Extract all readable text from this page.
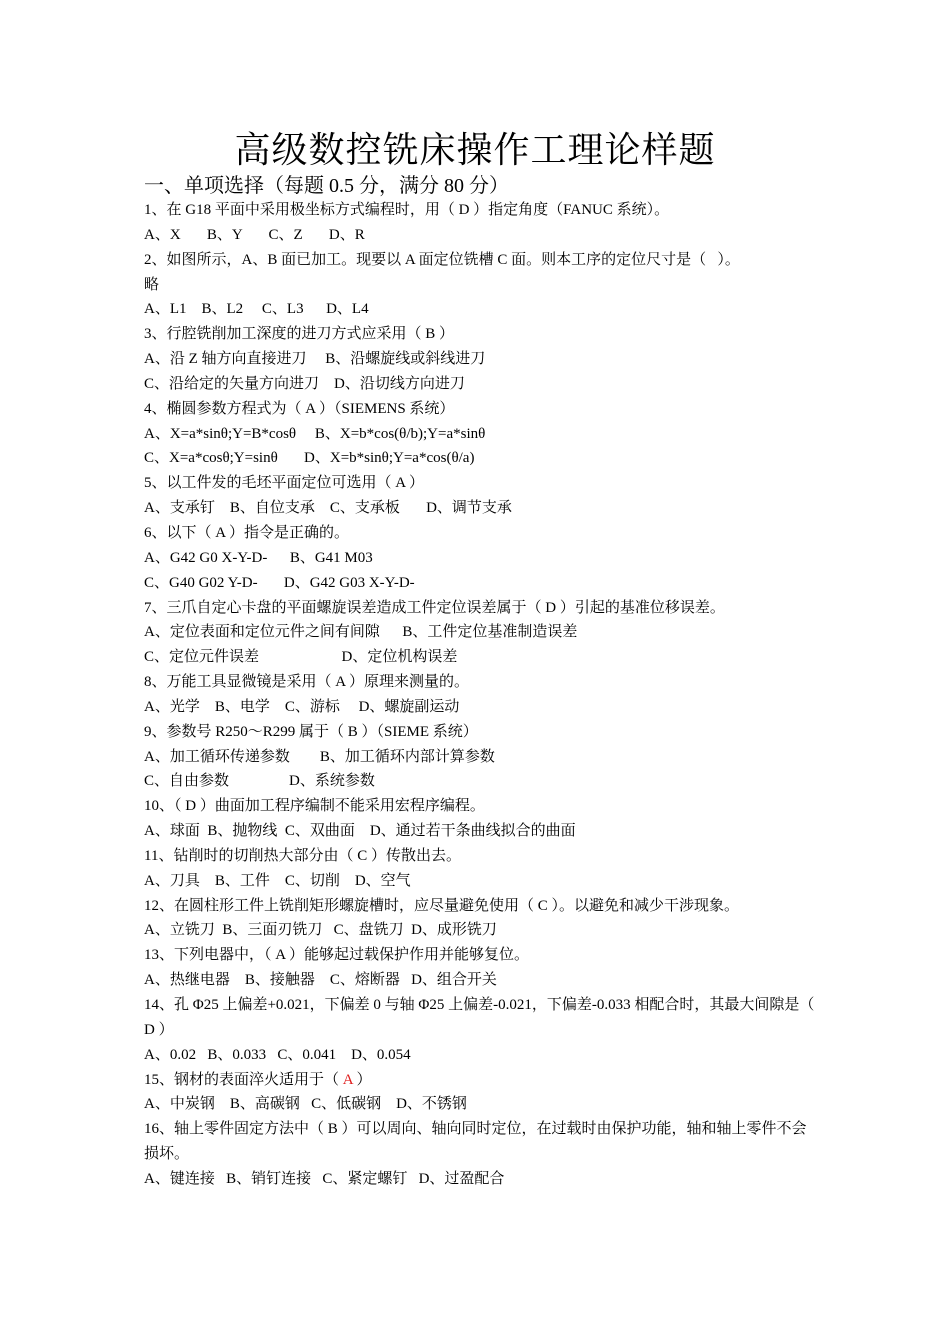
高级数控铣床操作工理论样题
一、单项选择（每题 0.5 分，满分 80 分）
1、在 G18 平面中采用极坐标方式编程时，用（ D ）指定角度（FANUC 系统）。
A、X       B、Y       C、Z       D、R
2、如图所示，A、B 面已加工。现要以 A 面定位铣槽 C 面。则本工序的定位尺寸是（   ）。
略
A、L1    B、L2     C、L3      D、L4
3、行腔铣削加工深度的进刀方式应采用（ B ）
A、沿 Z 轴方向直接进刀     B、沿螺旋线或斜线进刀
C、沿给定的矢量方向进刀    D、沿切线方向进刀
4、椭圆参数方程式为（ A ）（SIEMENS 系统）
A、X=a*sinθ;Y=B*cosθ     B、X=b*cos(θ/b);Y=a*sinθ
C、X=a*cosθ;Y=sinθ       D、X=b*sinθ;Y=a*cos(θ/a)
5、以工件发的毛坯平面定位可选用（ A ）
A、支承钉    B、自位支承    C、支承板       D、调节支承
6、以下（ A ）指令是正确的。
A、G42 G0 X-Y-D-      B、G41 M03
C、G40 G02 Y-D-       D、G42 G03 X-Y-D-
7、三爪自定心卡盘的平面螺旋误差造成工件定位误差属于（ D ）引起的基准位移误差。
A、定位表面和定位元件之间有间隙      B、工件定位基准制造误差
C、定位元件误差                      D、定位机构误差
8、万能工具显微镜是采用（ A ）原理来测量的。
A、光学    B、电学    C、游标     D、螺旋副运动
9、参数号 R250～R299 属于（ B ）（SIEME 系统）
A、加工循环传递参数        B、加工循环内部计算参数
C、自由参数                D、系统参数
10、（ D ）曲面加工程序编制不能采用宏程序编程。
A、球面  B、抛物线  C、双曲面    D、通过若干条曲线拟合的曲面
11、钻削时的切削热大部分由（ C ）传散出去。
A、刀具    B、工件    C、切削    D、空气
12、在圆柱形工件上铣削矩形螺旋槽时，应尽量避免使用（ C ）。以避免和减少干涉现象。
A、立铣刀  B、三面刃铣刀   C、盘铣刀  D、成形铣刀
13、下列电器中，（ A ）能够起过载保护作用并能够复位。
A、热继电器    B、接触器    C、熔断器   D、组合开关
14、孔 Φ25 上偏差+0.021，下偏差 0 与轴 Φ25 上偏差-0.021，下偏差-0.033 相配合时，其最大间隙是（ D ）
A、0.02   B、0.033   C、0.041    D、0.054
15、钢材的表面淬火适用于（ A ）
A、中炭钢    B、高碳钢   C、低碳钢    D、不锈钢
16、轴上零件固定方法中（ B ）可以周向、轴向同时定位，在过载时由保护功能，轴和轴上零件不会损坏。
A、键连接   B、销钉连接   C、紧定螺钉   D、过盈配合
